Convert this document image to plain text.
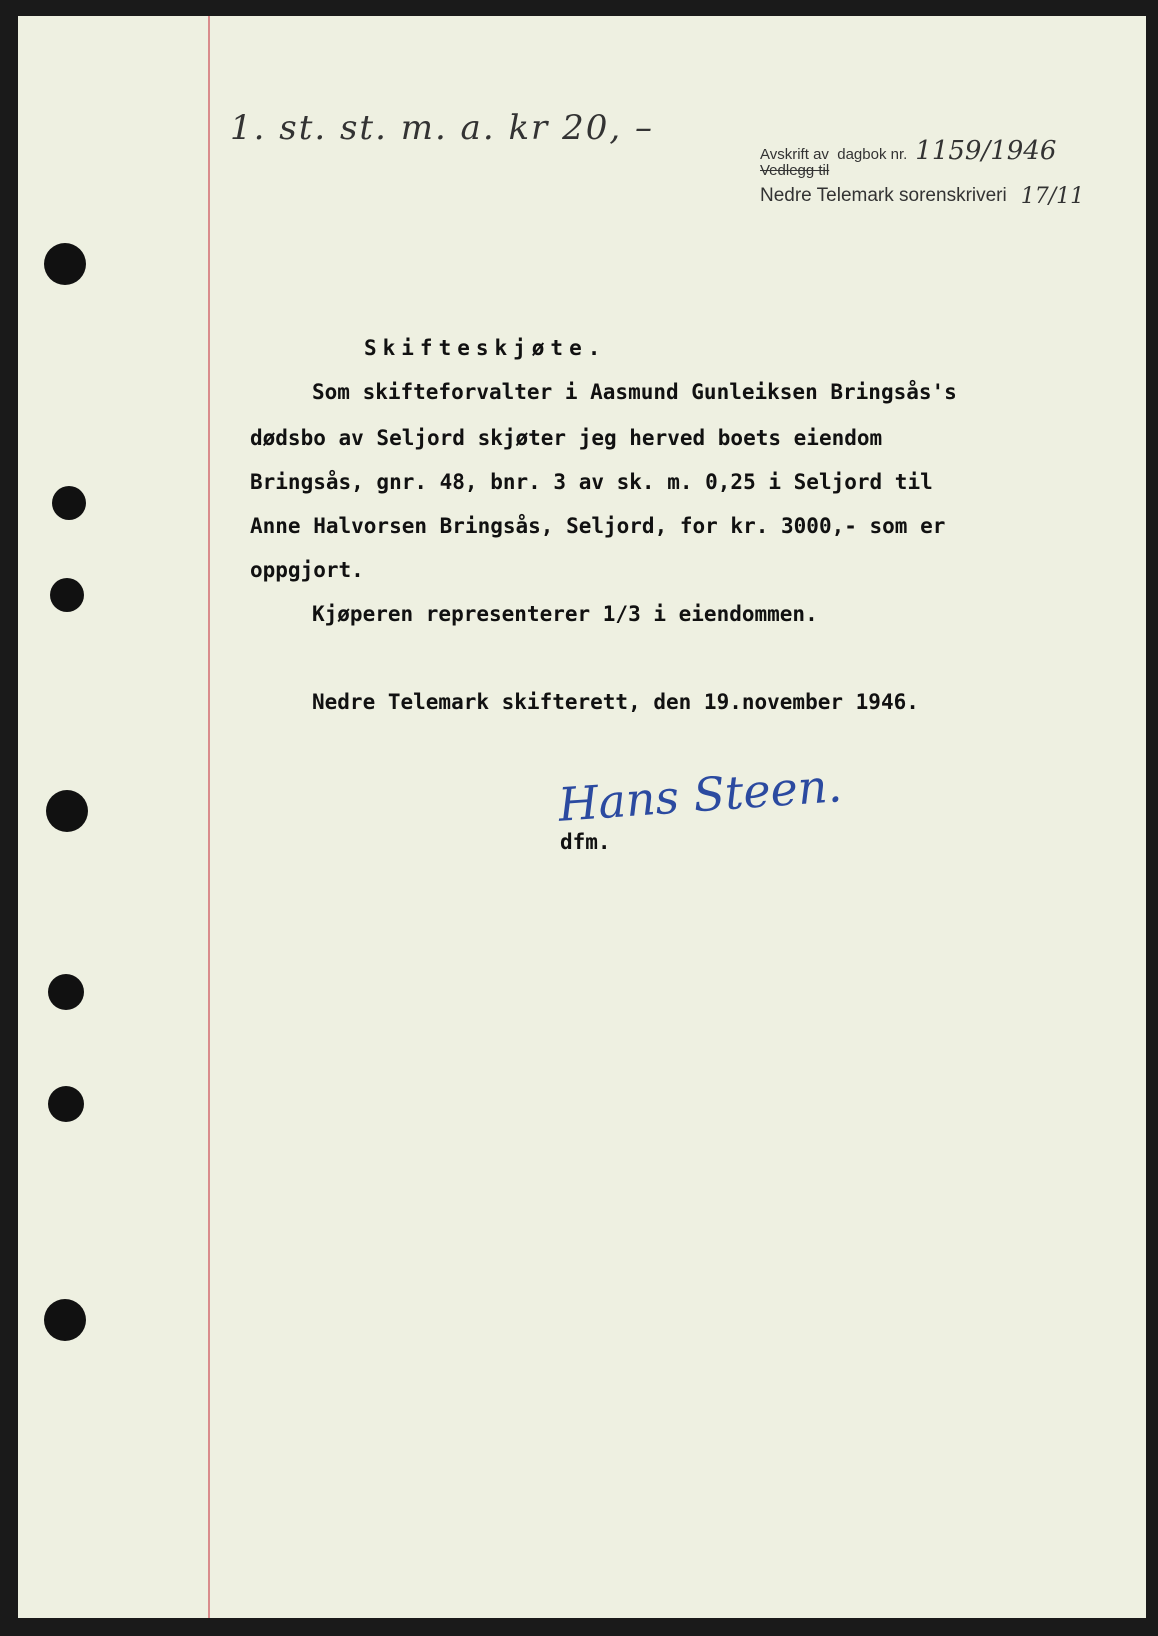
1. st. st. m. a. kr 20, –
Avskrift av
Vedlegg til
dagbok nr. 1159/1946
Nedre Telemark sorenskriveri 17/11
Skifteskjøte.
Som skifteforvalter i Aasmund Gunleiksen Bringsås's
dødsbo av Seljord skjøter jeg herved boets eiendom
Bringsås, gnr. 48, bnr. 3 av sk. m. 0,25 i Seljord til
Anne Halvorsen Bringsås, Seljord, for kr. 3000,- som er
oppgjort.
Kjøperen representerer 1/3 i eiendommen.
Nedre Telemark skifterett, den 19.november 1946.
dfm.
Hans Steen.
